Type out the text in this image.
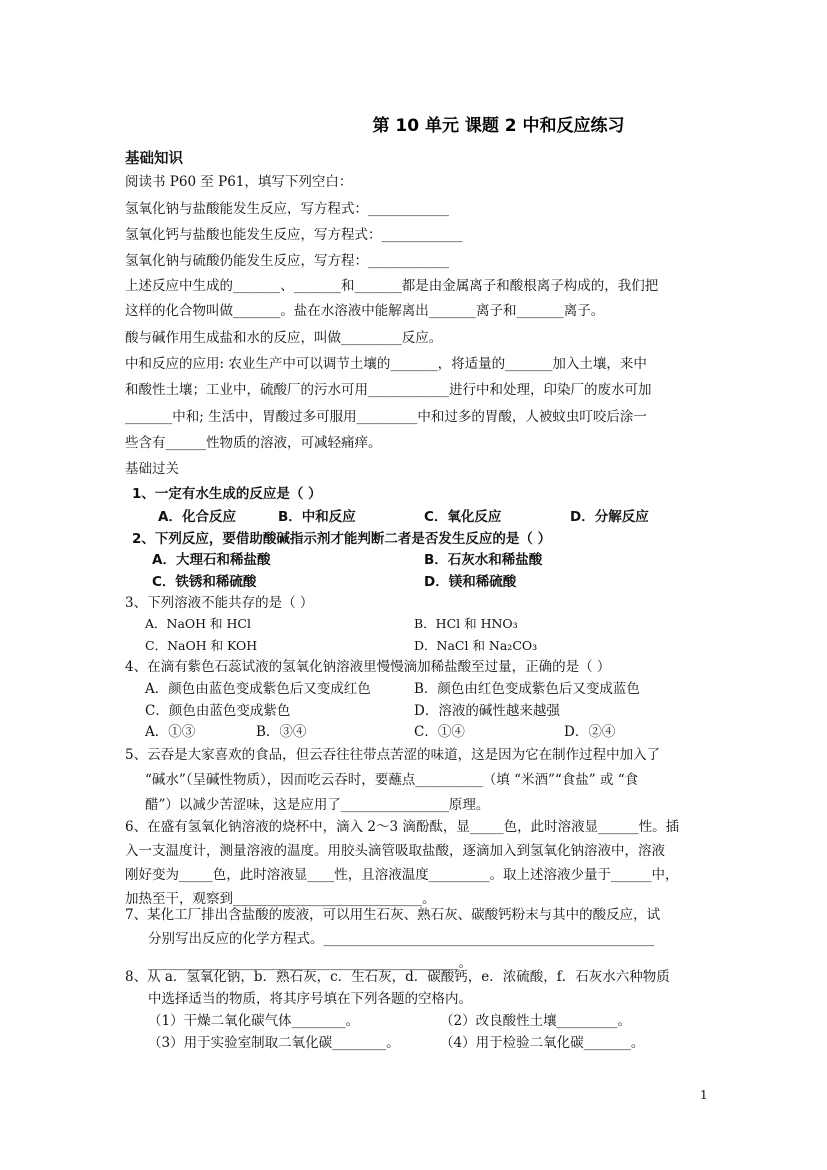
第 10 单元 课题 2 中和反应练习
基础知识
阅读书 P60 至 P61，填写下列空白：
氢氧化钠与盐酸能发生反应，写方程式：____________
氢氧化钙与盐酸也能发生反应，写方程式：____________
氢氧化钠与硫酸仍能发生反应，写方程：____________
上述反应中生成的_______、_______和_______都是由金属离子和酸根离子构成的，我们把
这样的化合物叫做_______。盐在水溶液中能解离出_______离子和_______离子。
酸与碱作用生成盐和水的反应，叫做_________反应。
中和反应的应用: 农业生产中可以调节土壤的_______，将适量的_______加入土壤，来中
和酸性土壤；工业中，硫酸厂的污水可用____________进行中和处理，印染厂的废水可加
_______中和; 生活中，胃酸过多可服用_________中和过多的胃酸，人被蚊虫叮咬后涂一
些含有______性物质的溶液，可减轻痛痒。
基础过关
1、一定有水生成的反应是（ ）
A．化合反应	B．中和反应	C．氧化反应	D．分解反应
2、下列反应，要借助酸碱指示剂才能判断二者是否发生反应的是（ ）
A．大理石和稀盐酸	B．石灰水和稀盐酸
C．铁锈和稀硫酸	D．镁和稀硫酸
3、下列溶液不能共存的是（ ）
A．NaOH 和 HCl	B．HCl 和 HNO₃
C．NaOH 和 KOH	D．NaCl 和 Na₂CO₃
4、在滴有紫色石蕊试液的氢氧化钠溶液里慢慢滴加稀盐酸至过量，正确的是（ ）
A．颜色由蓝色变成紫色后又变成红色	B．颜色由红色变成紫色后又变成蓝色
C．颜色由蓝色变成紫色	D．溶液的碱性越来越强
A．①③	B．③④	C．①④	D．②④
5、云吞是大家喜欢的食品，但云吞往往带点苦涩的味道，这是因为它在制作过程中加入了
“碱水”（呈碱性物质），因而吃云吞时，要蘸点__________（填 “米酒”“食盐” 或 “食
醋”）以减少苦涩味，这是应用了________________原理。
6、在盛有氢氧化钠溶液的烧杯中，滴入 2～3 滴酚酞，显_____色，此时溶液显______性。插
入一支温度计，测量溶液的温度。用胶头滴管吸取盐酸，逐滴加入到氢氧化钠溶液中，溶液
刚好变为_____色，此时溶液显____性，且溶液温度_________。取上述溶液少量于______中，
加热至干，观察到____________________________。
7、某化工厂排出含盐酸的废液，可以用生石灰、熟石灰、碳酸钙粉末与其中的酸反应，试
分别写出反应的化学方程式。_________________________________________________
______________________________________________。
8、从 a．氢氧化钠，b．熟石灰，c．生石灰，d．碳酸钙，e．浓硫酸，f．石灰水六种物质
中选择适当的物质，将其序号填在下列各题的空格内。
（1）干燥二氧化碳气体________。	（2）改良酸性土壤_________。
（3）用于实验室制取二氧化碳________。	（4）用于检验二氧化碳_______。
1
